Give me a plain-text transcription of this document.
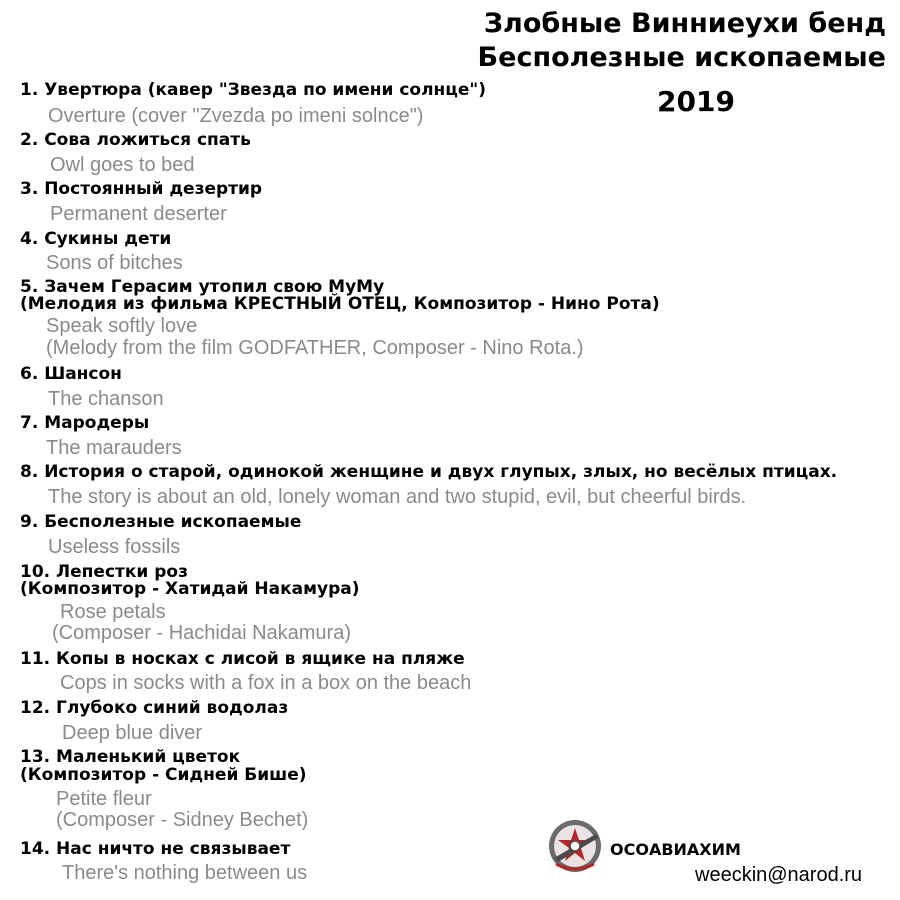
Злобные Винниеухи бенд
Бесполезные ископаемые
2019
1. Увертюра (кавер "Звезда по имени солнце")
Overture (cover "Zvezda po imeni solnce")
2. Сова ложиться спать
Owl goes to bed
3. Постоянный дезертир
Permanent deserter
4. Сукины дети
Sons of bitches
5. Зачем Герасим утопил свою МуМу
(Мелодия из фильма КРЕСТНЫЙ ОТЕЦ, Композитор - Нино Рота)
Speak softly love
(Melody from the film GODFATHER, Composer - Nino Rota.)
6. Шансон
The chanson
7. Мародеры
The marauders
8. История о старой, одинокой женщине и двух глупых, злых, но весёлых птицах.
The story is about an old, lonely woman and two stupid, evil, but cheerful birds.
9. Бесполезные ископаемые
Useless fossils
10. Лепестки роз
(Композитор - Хатидай Накамура)
Rose petals
(Composer - Hachidai Nakamura)
11. Копы в носках с лисой в ящике на пляже
Cops in socks with a fox in a box on the beach
12. Глубоко синий водолаз
Deep blue diver
13. Маленький цветок
(Композитор - Сидней Бише)
Petite fleur
(Composer - Sidney Bechet)
14. Нас ничто не связывает
There's nothing between us
ОСОАВИАХИМ
weeckin@narod.ru
